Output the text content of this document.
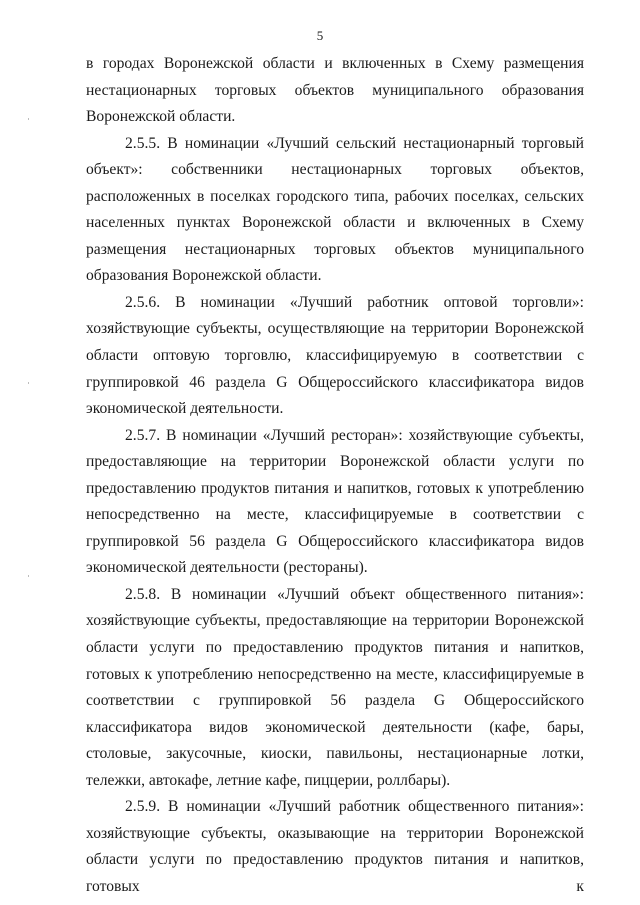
5

в городах Воронежской области и включенных в Схему размещения нестационарных торговых объектов муниципального образования Воронежской области.

2.5.5. В номинации «Лучший сельский нестационарный торговый объект»: собственники нестационарных торговых объектов, расположенных в поселках городского типа, рабочих поселках, сельских населенных пунктах Воронежской области и включенных в Схему размещения нестационарных торговых объектов муниципального образования Воронежской области.

2.5.6. В номинации «Лучший работник оптовой торговли»: хозяйствующие субъекты, осуществляющие на территории Воронежской области оптовую торговлю, классифицируемую в соответствии с группировкой 46 раздела G Общероссийского классификатора видов экономической деятельности.

2.5.7. В номинации «Лучший ресторан»: хозяйствующие субъекты, предоставляющие на территории Воронежской области услуги по предоставлению продуктов питания и напитков, готовых к употреблению непосредственно на месте, классифицируемые в соответствии с группировкой 56 раздела G Общероссийского классификатора видов экономической деятельности (рестораны).

2.5.8. В номинации «Лучший объект общественного питания»: хозяйствующие субъекты, предоставляющие на территории Воронежской области услуги по предоставлению продуктов питания и напитков, готовых к употреблению непосредственно на месте, классифицируемые в соответствии с группировкой 56 раздела G Общероссийского классификатора видов экономической деятельности (кафе, бары, столовые, закусочные, киоски, павильоны, нестационарные лотки, тележки, автокафе, летние кафе, пиццерии, роллбары).

2.5.9. В номинации «Лучший работник общественного питания»: хозяйствующие субъекты, оказывающие на территории Воронежской области услуги по предоставлению продуктов питания и напитков, готовых к
